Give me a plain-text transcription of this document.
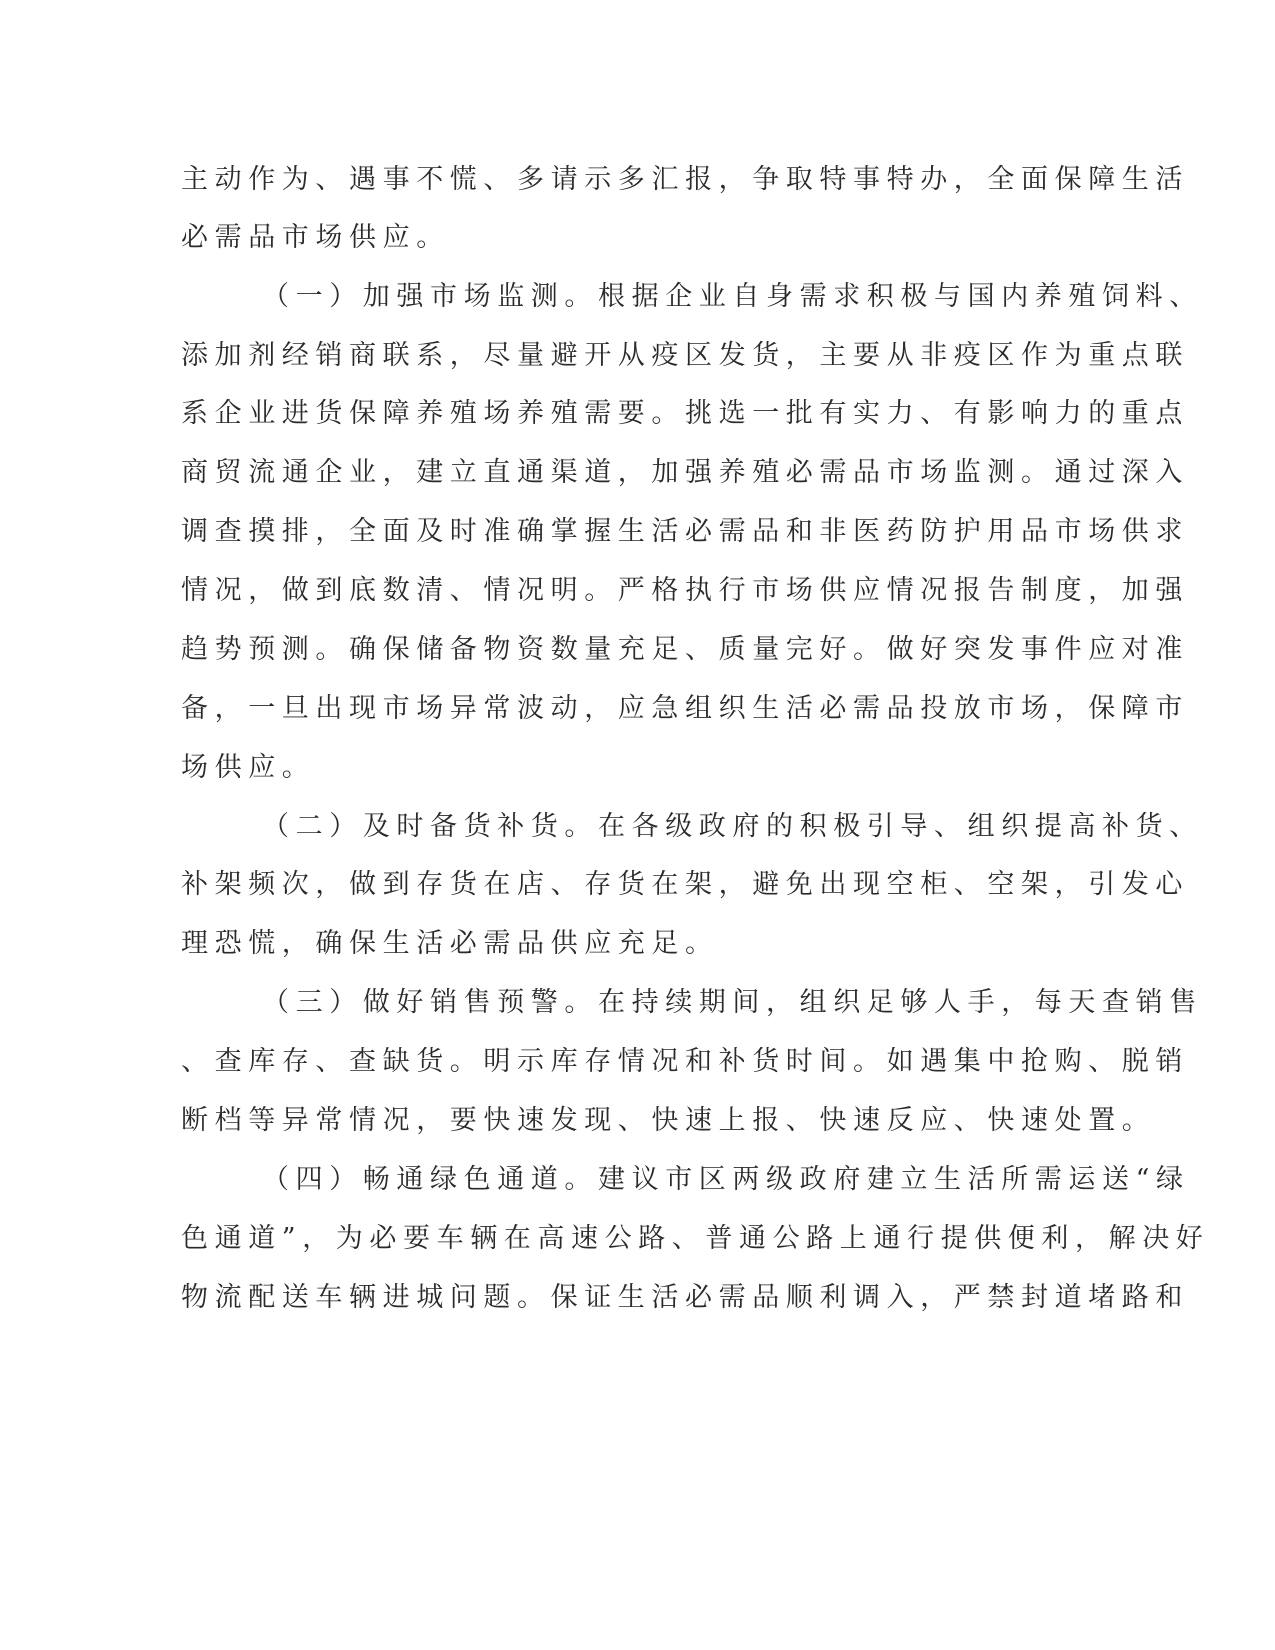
主动作为、遇事不慌、多请示多汇报，争取特事特办，全面保障生活
必需品市场供应。
（一）加强市场监测。根据企业自身需求积极与国内养殖饲料、
添加剂经销商联系，尽量避开从疫区发货，主要从非疫区作为重点联
系企业进货保障养殖场养殖需要。挑选一批有实力、有影响力的重点
商贸流通企业，建立直通渠道，加强养殖必需品市场监测。通过深入
调查摸排，全面及时准确掌握生活必需品和非医药防护用品市场供求
情况，做到底数清、情况明。严格执行市场供应情况报告制度，加强
趋势预测。确保储备物资数量充足、质量完好。做好突发事件应对准
备，一旦出现市场异常波动，应急组织生活必需品投放市场，保障市
场供应。
（二）及时备货补货。在各级政府的积极引导、组织提高补货、
补架频次，做到存货在店、存货在架，避免出现空柜、空架，引发心
理恐慌，确保生活必需品供应充足。
（三）做好销售预警。在持续期间，组织足够人手，每天查销售
、查库存、查缺货。明示库存情况和补货时间。如遇集中抢购、脱销
断档等异常情况，要快速发现、快速上报、快速反应、快速处置。
（四）畅通绿色通道。建议市区两级政府建立生活所需运送“绿
色通道”，为必要车辆在高速公路、普通公路上通行提供便利，解决好
物流配送车辆进城问题。保证生活必需品顺利调入，严禁封道堵路和
